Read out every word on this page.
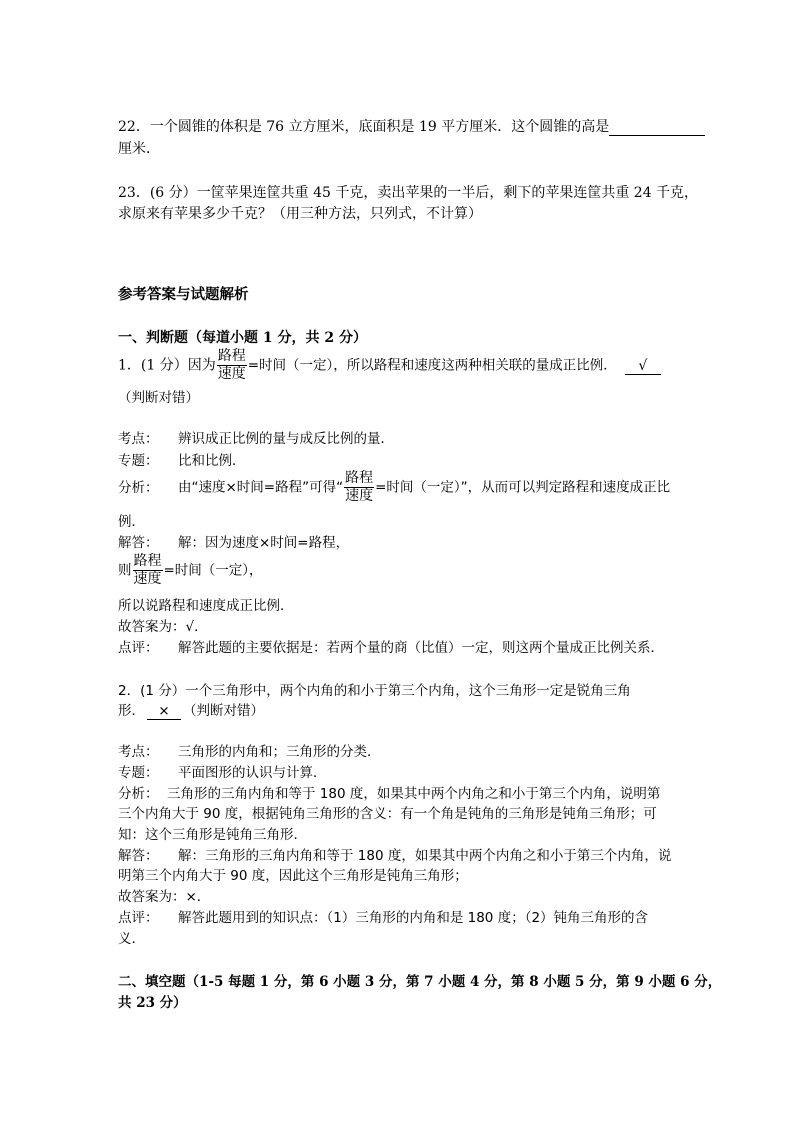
22．一个圆锥的体积是 76 立方厘米，底面积是 19 平方厘米．这个圆锥的高是
厘米．
23．(6 分）一筐苹果连筐共重 45 千克，卖出苹果的一半后，剩下的苹果连筐共重 24 千克，
求原来有苹果多少千克？（用三种方法，只列式，不计算）
参考答案与试题解析
一、判断题（每道小题 1 分，共 2 分）
1．(1 分）因为 $\frac{\text{路程}}{\text{速度}}$ =时间（一定），所以路程和速度这两种相关联的量成正比例． √
（判断对错）
考点： 辨识成正比例的量与成反比例的量．
专题： 比和比例．
分析： 由“速度×时间=路程”可得“ $\frac{\text{路程}}{\text{速度}}$ =时间（一定）”，从而可以判定路程和速度成正比
例．
解答： 解：因为速度×时间=路程，
则 $\frac{\text{路程}}{\text{速度}}$ =时间（一定），
所以说路程和速度成正比例．
故答案为：√．
点评： 解答此题的主要依据是：若两个量的商（比值）一定，则这两个量成正比例关系．
2．(1 分）一个三角形中，两个内角的和小于第三个内角，这个三角形一定是锐角三角
形． × （判断对错）
考点： 三角形的内角和；三角形的分类．
专题： 平面图形的认识与计算．
分析： 三角形的三角内角和等于 180 度，如果其中两个内角之和小于第三个内角，说明第
三个内角大于 90 度，根据钝角三角形的含义：有一个角是钝角的三角形是钝角三角形；可
知：这个三角形是钝角三角形．
解答： 解：三角形的三角内角和等于 180 度，如果其中两个内角之和小于第三个内角，说
明第三个内角大于 90 度，因此这个三角形是钝角三角形；
故答案为：×．
点评： 解答此题用到的知识点：（1）三角形的内角和是 180 度；（2）钝角三角形的含
义．
二、填空题（1-5 每题 1 分，第 6 小题 3 分，第 7 小题 4 分，第 8 小题 5 分，第 9 小题 6 分，
共 23 分）
